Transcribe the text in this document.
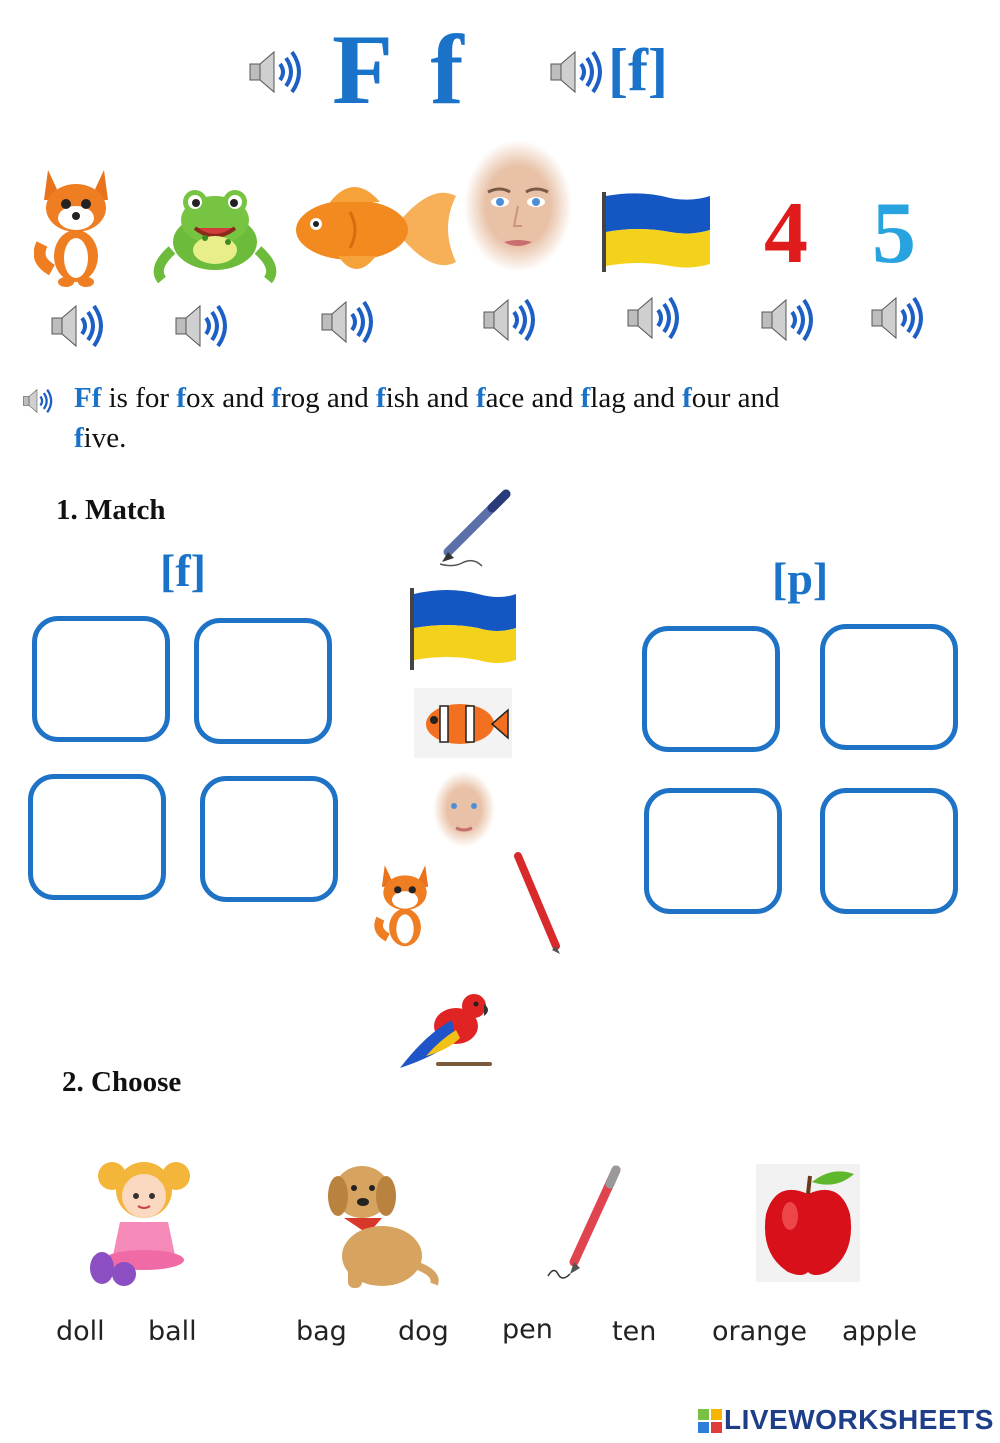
F f [f]
4 5
Ff is for fox and frog and fish and face and flag and four and
five.
1. Match
[f]	[p]
2. Choose
doll ball	bag dog pen ten orange apple
LIVEWORKSHEETS
